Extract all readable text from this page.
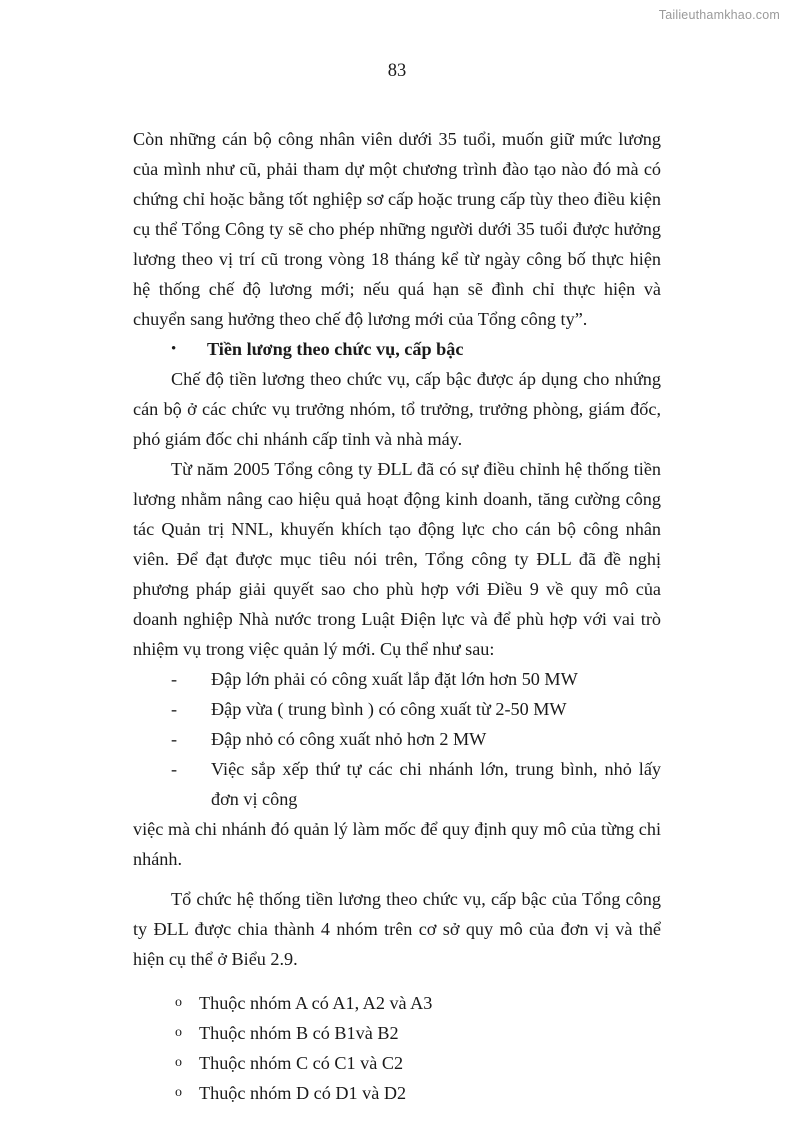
Tailieuthamkhao.com
83

Còn những cán bộ công nhân viên dưới 35 tuổi, muốn giữ mức lương của mình như cũ, phải tham dự một chương trình đào tạo nào đó mà có chứng chỉ hoặc bằng tốt nghiệp sơ cấp hoặc trung cấp tùy theo điều kiện cụ thể Tổng Công ty sẽ cho phép những người dưới 35 tuổi được hưởng lương theo vị trí cũ trong vòng 18 tháng kể từ ngày công bố thực hiện hệ thống chế độ lương mới; nếu quá hạn sẽ đình chỉ thực hiện và chuyển sang hưởng theo chế độ lương mới của Tổng công ty”.

•
Tiền lương theo chức vụ, cấp bậc

Chế độ tiền lương theo chức vụ, cấp bậc được áp dụng cho nhứng cán bộ ở các chức vụ trưởng nhóm, tổ trưởng, trưởng phòng, giám đốc, phó giám đốc chi nhánh cấp tỉnh và nhà máy.

Từ năm 2005 Tổng công ty ĐLL đã có sự điều chỉnh hệ thống tiền lương nhằm nâng cao hiệu quả hoạt động kinh doanh, tăng cường công tác Quản trị NNL, khuyến khích tạo động lực cho cán bộ công nhân viên. Để đạt được mục tiêu nói trên, Tổng công ty ĐLL đã đề nghị phương pháp giải quyết sao cho phù hợp với Điều 9 về quy mô của doanh nghiệp Nhà nước trong Luật Điện lực và để phù hợp với vai trò nhiệm vụ trong việc quản lý mới. Cụ thể như sau:

-
Đập lớn phải có công xuất lắp đặt lớn hơn 50 MW
-
Đập vừa ( trung bình ) có công xuất từ 2-50 MW
-
Đập nhỏ có công xuất nhỏ hơn 2 MW
-
Việc sắp xếp thứ tự các chi nhánh lớn, trung bình, nhỏ lấy đơn vị công
việc mà chi nhánh đó quản lý làm mốc để quy định quy mô của từng chi nhánh.

Tổ chức hệ thống tiền lương theo chức vụ, cấp bậc của Tổng công ty ĐLL được chia thành 4 nhóm trên cơ sở quy mô của đơn vị và thể hiện cụ thể ở Biểu 2.9.

o
Thuộc nhóm A có A1, A2 và A3
o
Thuộc nhóm B có B1và B2
o
Thuộc nhóm C có C1 và C2
o
Thuộc nhóm D có D1 và D2
